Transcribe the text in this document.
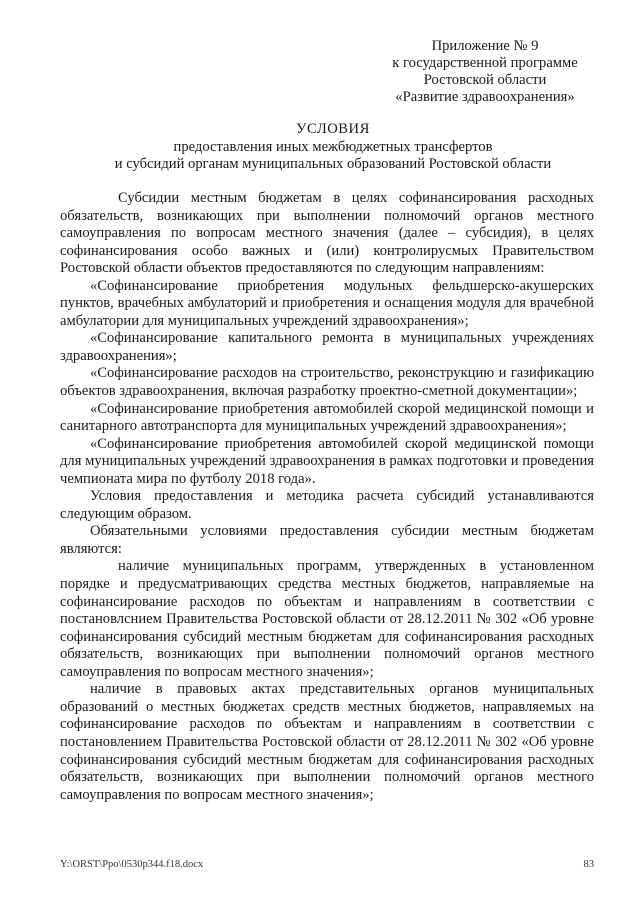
Приложение № 9
к государственной программе
Ростовской области
«Развитие здравоохранения»
УСЛОВИЯ
предоставления иных межбюджетных трансфертов
и субсидий органам муниципальных образований Ростовской области

Субсидии местным бюджетам в целях софинансирования расходных обязательств, возникающих при выполнении полномочий органов местного самоуправления по вопросам местного значения (далее – субсидия), в целях софинансирования особо важных и (или) контролирусмых Правительством Ростовской области объектов предоставляются по следующим направлениям:

«Софинансирование приобретения модульных фельдшерско-акушерских пунктов, врачебных амбулаторий и приобретения и оснащения модуля для врачебной амбулатории для муниципальных учреждений здравоохранения»;

«Софинансирование капитального ремонта в муниципальных учреждениях здравоохранения»;

«Софинансирование расходов на строительство, реконструкцию и газификацию объектов здравоохранения, включая разработку проектно-сметной документации»;

«Софинансирование приобретения автомобилей скорой медицинской помощи и санитарного автотранспорта для муниципальных учреждений здравоохранения»;

«Софинансирование приобретения автомобилей скорой медицинской помощи для муниципальных учреждений здравоохранения в рамках подготовки и проведения чемпионата мира по футболу 2018 года».

Условия предоставления и методика расчета субсидий устанавливаются следующим образом.

Обязательными условиями предоставления субсидии местным бюджетам являются:

наличие муниципальных программ, утвержденных в установленном порядке и предусматривающих средства местных бюджетов, направляемые на софинансирование расходов по объектам и направлениям в соответствии с постановлснием Правительства Ростовской области от 28.12.2011 № 302 «Об уровне софинансирования субсидий местным бюджетам для софинансирования расходных обязательств, возникающих при выполнении полномочий органов местного самоуправления по вопросам местного значения»;

наличие в правовых актах представительных органов муниципальных образований о местных бюджетах средств местных бюджетов, направляемых на софинансирование расходов по объектам и направлениям в соответствии с постановлением Правительства Ростовской области от 28.12.2011 № 302 «Об уровне софинансирования субсидий местным бюджетам для софинансирования расходных обязательств, возникающих при выполнении полномочий органов местного самоуправления по вопросам местного значения»;

Y:\ORST\Ppo\0530p344.f18.docx	83
